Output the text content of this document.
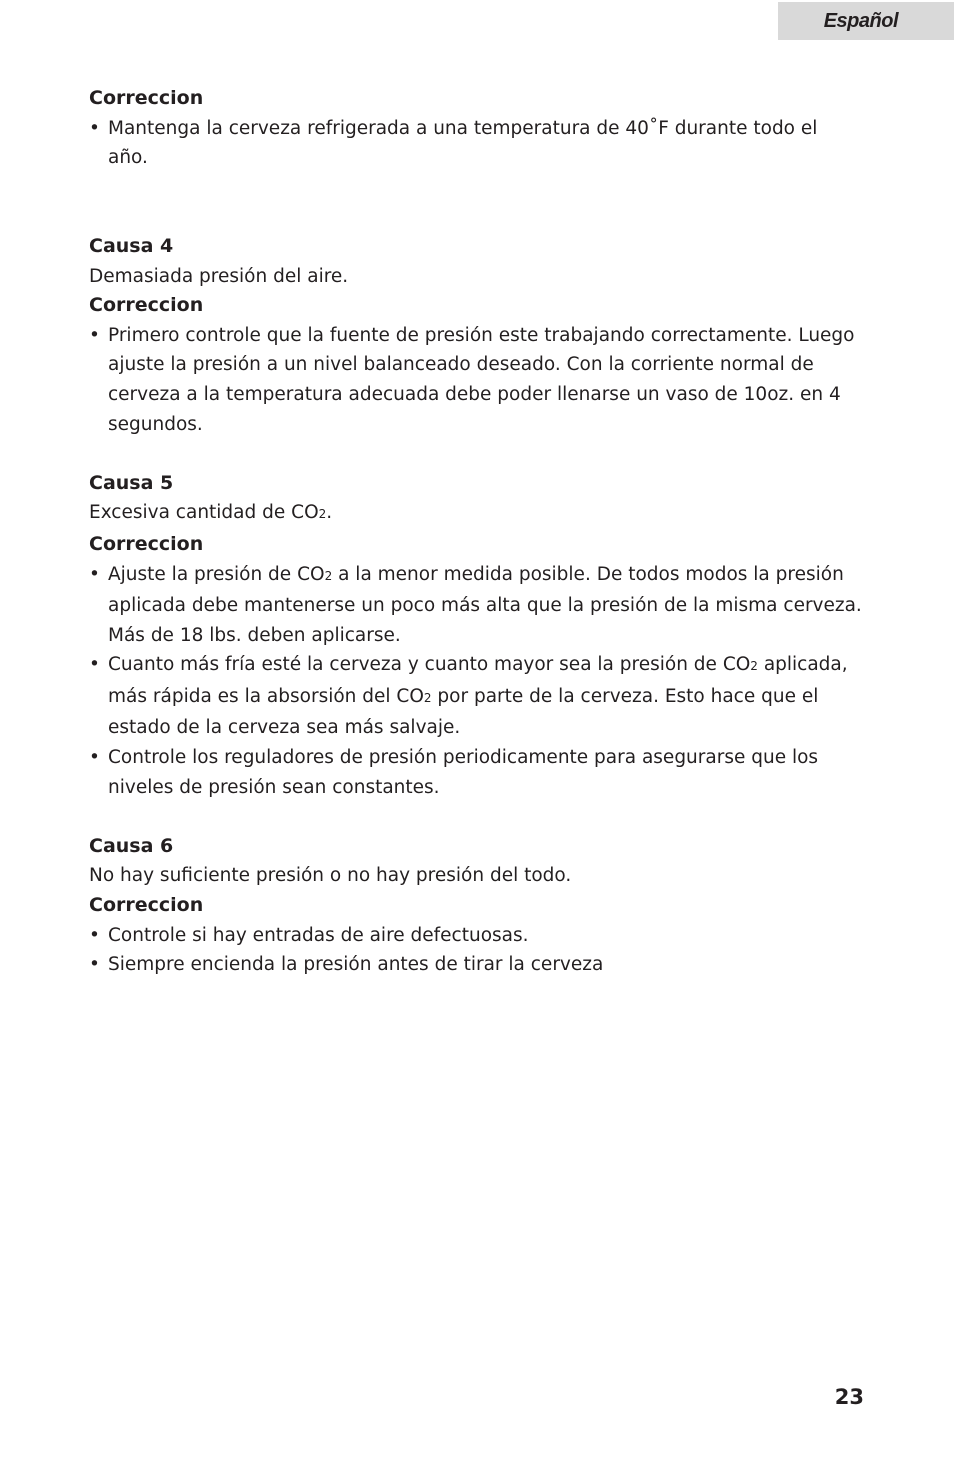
Español

Correccion

• Mantenga la cerveza refrigerada a una temperatura de 40˚F durante todo el
año.

Causa 4

Demasiada presión del aire.

Correccion

• Primero controle que la fuente de presión este trabajando correctamente. Luego
ajuste la presión a un nivel balanceado deseado. Con la corriente normal de
cerveza a la temperatura adecuada debe poder llenarse un vaso de 10oz. en 4
segundos.

Causa 5

Excesiva cantidad de CO2.

Correccion

• Ajuste la presión de CO2 a la menor medida posible. De todos modos la presión
aplicada debe mantenerse un poco más alta que la presión de la misma cerveza.
Más de 18 lbs. deben aplicarse.
• Cuanto más fría esté la cerveza y cuanto mayor sea la presión de CO2 aplicada,
más rápida es la absorsión del CO2 por parte de la cerveza. Esto hace que el
estado de la cerveza sea más salvaje.
• Controle los reguladores de presión periodicamente para asegurarse que los
niveles de presión sean constantes.

Causa 6

No hay suficiente presión o no hay presión del todo.

Correccion

• Controle si hay entradas de aire defectuosas.
• Siempre encienda la presión antes de tirar la cerveza
23
